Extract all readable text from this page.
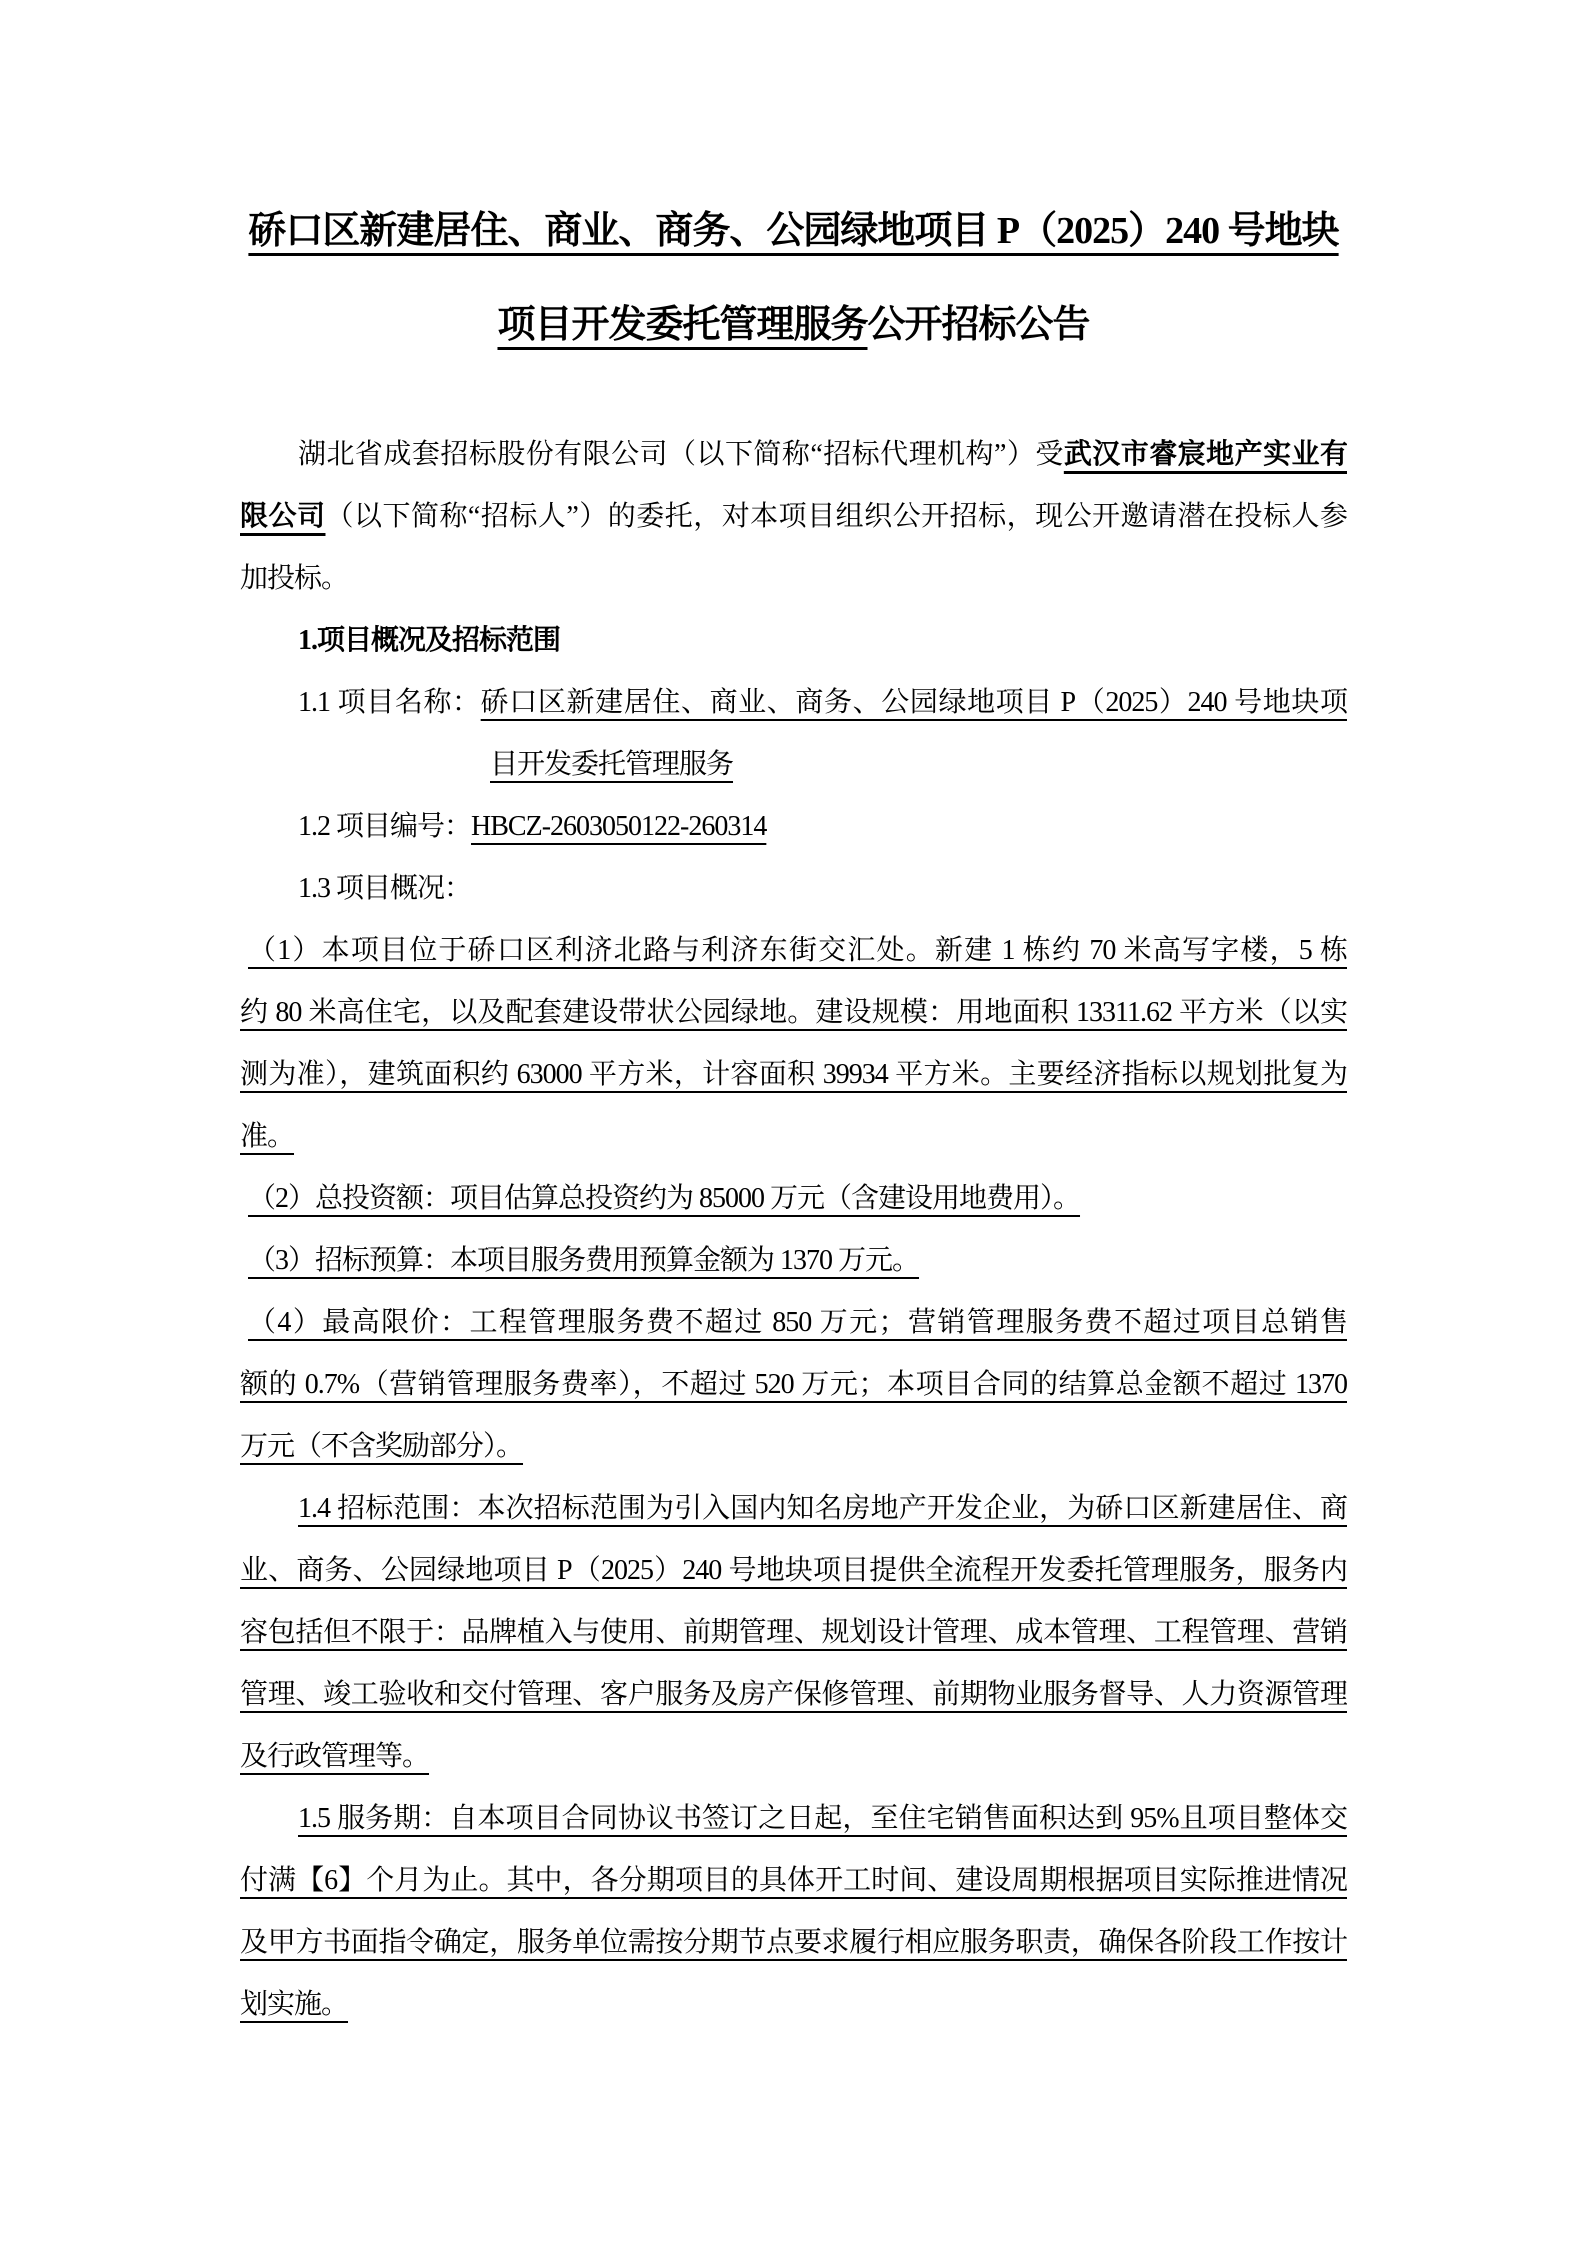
硚口区新建居住、商业、商务、公园绿地项目 P（2025）240 号地块
项目开发委托管理服务公开招标公告
湖北省成套招标股份有限公司（以下简称“招标代理机构”）受武汉市睿宸地产实业有
限公司（以下简称“招标人”）的委托，对本项目组织公开招标，现公开邀请潜在投标人参
加投标。
1.项目概况及招标范围
1.1 项目名称：硚口区新建居住、商业、商务、公园绿地项目 P（2025）240 号地块项
目开发委托管理服务
1.2 项目编号：HBCZ-2603050122-260314
1.3 项目概况：
（1）本项目位于硚口区利济北路与利济东街交汇处。新建 1 栋约 70 米高写字楼，5 栋
约 80 米高住宅，以及配套建设带状公园绿地。建设规模：用地面积 13311.62 平方米（以实
测为准），建筑面积约 63000 平方米，计容面积 39934 平方米。主要经济指标以规划批复为
准。
（2）总投资额：项目估算总投资约为 85000 万元（含建设用地费用）。
（3）招标预算：本项目服务费用预算金额为 1370 万元。
（4）最高限价：工程管理服务费不超过 850 万元；营销管理服务费不超过项目总销售
额的 0.7%（营销管理服务费率），不超过 520 万元；本项目合同的结算总金额不超过 1370
万元（不含奖励部分）。
1.4 招标范围：本次招标范围为引入国内知名房地产开发企业，为硚口区新建居住、商
业、商务、公园绿地项目 P（2025）240 号地块项目提供全流程开发委托管理服务，服务内
容包括但不限于：品牌植入与使用、前期管理、规划设计管理、成本管理、工程管理、营销
管理、竣工验收和交付管理、客户服务及房产保修管理、前期物业服务督导、人力资源管理
及行政管理等。
1.5 服务期：自本项目合同协议书签订之日起，至住宅销售面积达到 95%且项目整体交
付满【6】个月为止。其中，各分期项目的具体开工时间、建设周期根据项目实际推进情况
及甲方书面指令确定，服务单位需按分期节点要求履行相应服务职责，确保各阶段工作按计
划实施。
